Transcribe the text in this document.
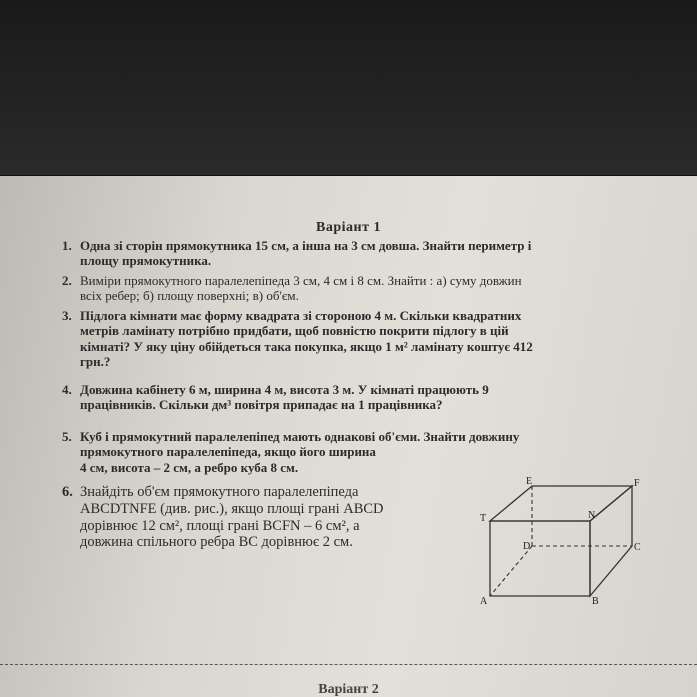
Варіант 1
1. Одна зі сторін прямокутника 15 см, а інша на 3 см довша. Знайти периметр і
площу прямокутника.
2. Виміри прямокутного паралелепіпеда 3 см, 4 см і 8 см. Знайти : а) суму довжин
всіх ребер; б) площу поверхні; в) об'єм.
3. Підлога кімнати має форму квадрата зі стороною 4 м. Скільки квадратних
метрів ламінату потрібно придбати, щоб повністю покрити підлогу в цій
кімнаті? У яку ціну обійдеться така покупка, якщо 1 м² ламінату коштує 412
грн.?
4. Довжина кабінету 6 м, ширина 4 м, висота 3 м. У кімнаті працюють 9
працівників. Скільки дм³ повітря припадає на 1 працівника?
5. Куб і прямокутний паралелепіпед мають однакові об'єми. Знайти довжину
прямокутного паралелепіпеда, якщо його ширина
4 см, висота – 2 см, а ребро куба 8 см.
6. Знайдіть об'єм прямокутного паралелепіпеда
ABCDTNFE (див. рис.), якщо площі грані ABCD
дорівнює 12 см², площі грані BCFN – 6 см², а
довжина спільного ребра BC дорівнює 2 см.
E	F
T	N
D	C
A	B
Варіант 2
